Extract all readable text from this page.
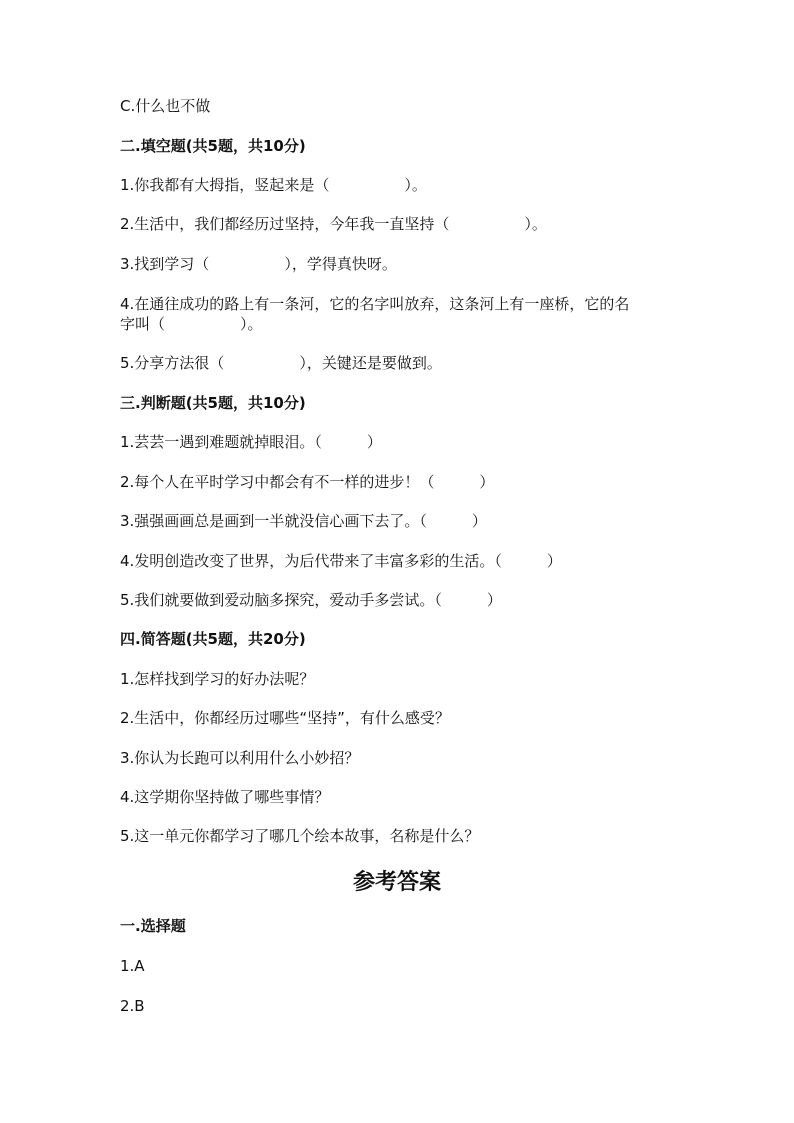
C.什么也不做

二.填空题(共5题，共10分)

1.你我都有大拇指，竖起来是（　　　　　）。

2.生活中，我们都经历过坚持，今年我一直坚持（　　　　　）。

3.找到学习（　　　　　），学得真快呀。

4.在通往成功的路上有一条河，它的名字叫放弃，这条河上有一座桥，它的名

字叫（　　　　　）。

5.分享方法很（　　　　　），关键还是要做到。

三.判断题(共5题，共10分)

1.芸芸一遇到难题就掉眼泪。（　　　）

2.每个人在平时学习中都会有不一样的进步！（　　　）

3.强强画画总是画到一半就没信心画下去了。（　　　）

4.发明创造改变了世界，为后代带来了丰富多彩的生活。（　　　）

5.我们就要做到爱动脑多探究，爱动手多尝试。（　　　）

四.简答题(共5题，共20分)

1.怎样找到学习的好办法呢？

2.生活中，你都经历过哪些“坚持”，有什么感受？

3.你认为长跑可以利用什么小妙招？

4.这学期你坚持做了哪些事情？

5.这一单元你都学习了哪几个绘本故事，名称是什么？

参考答案

一.选择题

1.A

2.B
